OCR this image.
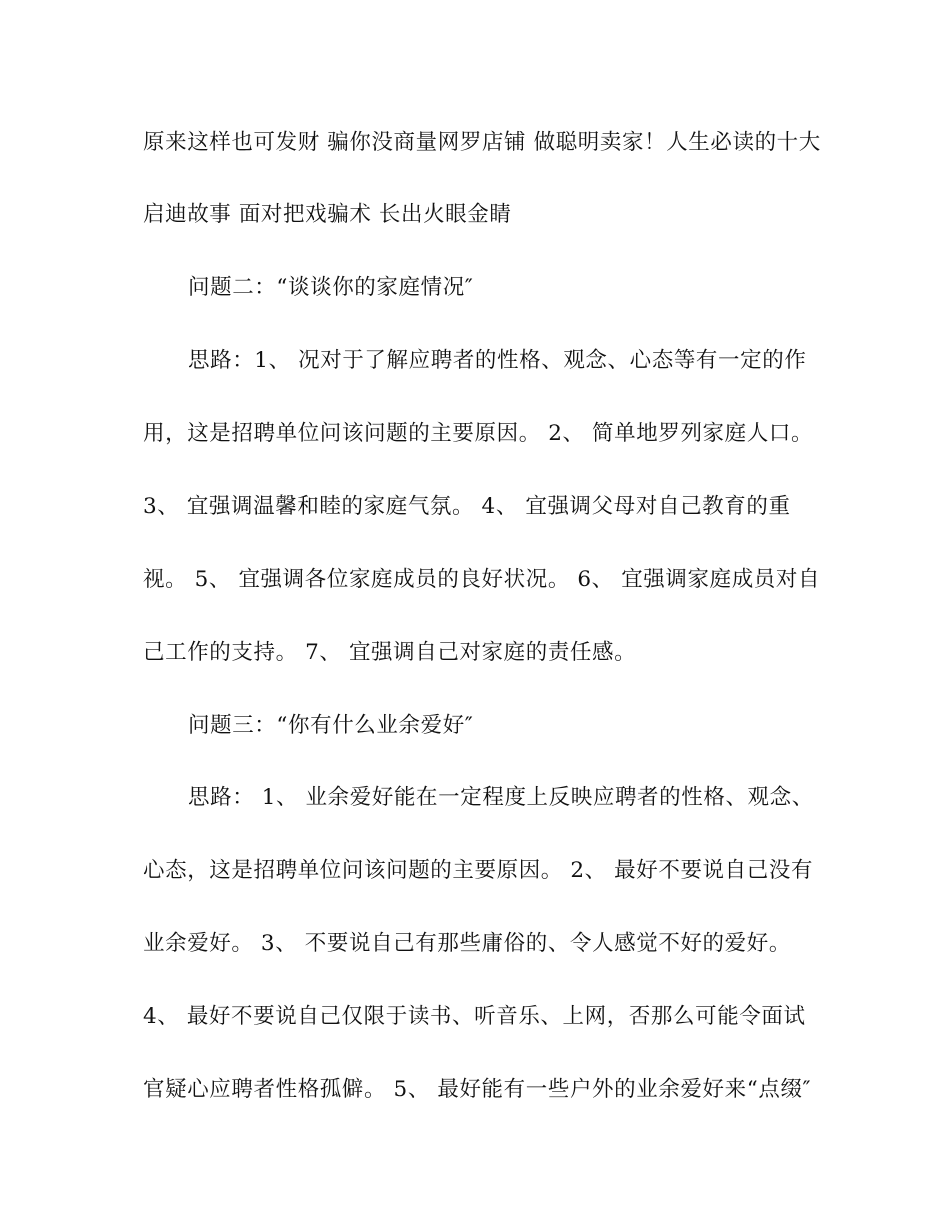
原来这样也可发财 骗你没商量网罗店铺 做聪明卖家！人生必读的十大
启迪故事 面对把戏骗术 长出火眼金睛
问题二：“谈谈你的家庭情况″
思路：1、 况对于了解应聘者的性格、观念、心态等有一定的作
用，这是招聘单位问该问题的主要原因。 2、 简单地罗列家庭人口。
3、 宜强调温馨和睦的家庭气氛。 4、 宜强调父母对自己教育的重
视。 5、 宜强调各位家庭成员的良好状况。 6、 宜强调家庭成员对自
己工作的支持。 7、 宜强调自己对家庭的责任感。
问题三：“你有什么业余爱好″
思路： 1、 业余爱好能在一定程度上反映应聘者的性格、观念、
心态，这是招聘单位问该问题的主要原因。 2、 最好不要说自己没有
业余爱好。 3、 不要说自己有那些庸俗的、令人感觉不好的爱好。
4、 最好不要说自己仅限于读书、听音乐、上网，否那么可能令面试
官疑心应聘者性格孤僻。 5、 最好能有一些户外的业余爱好来“点缀″
